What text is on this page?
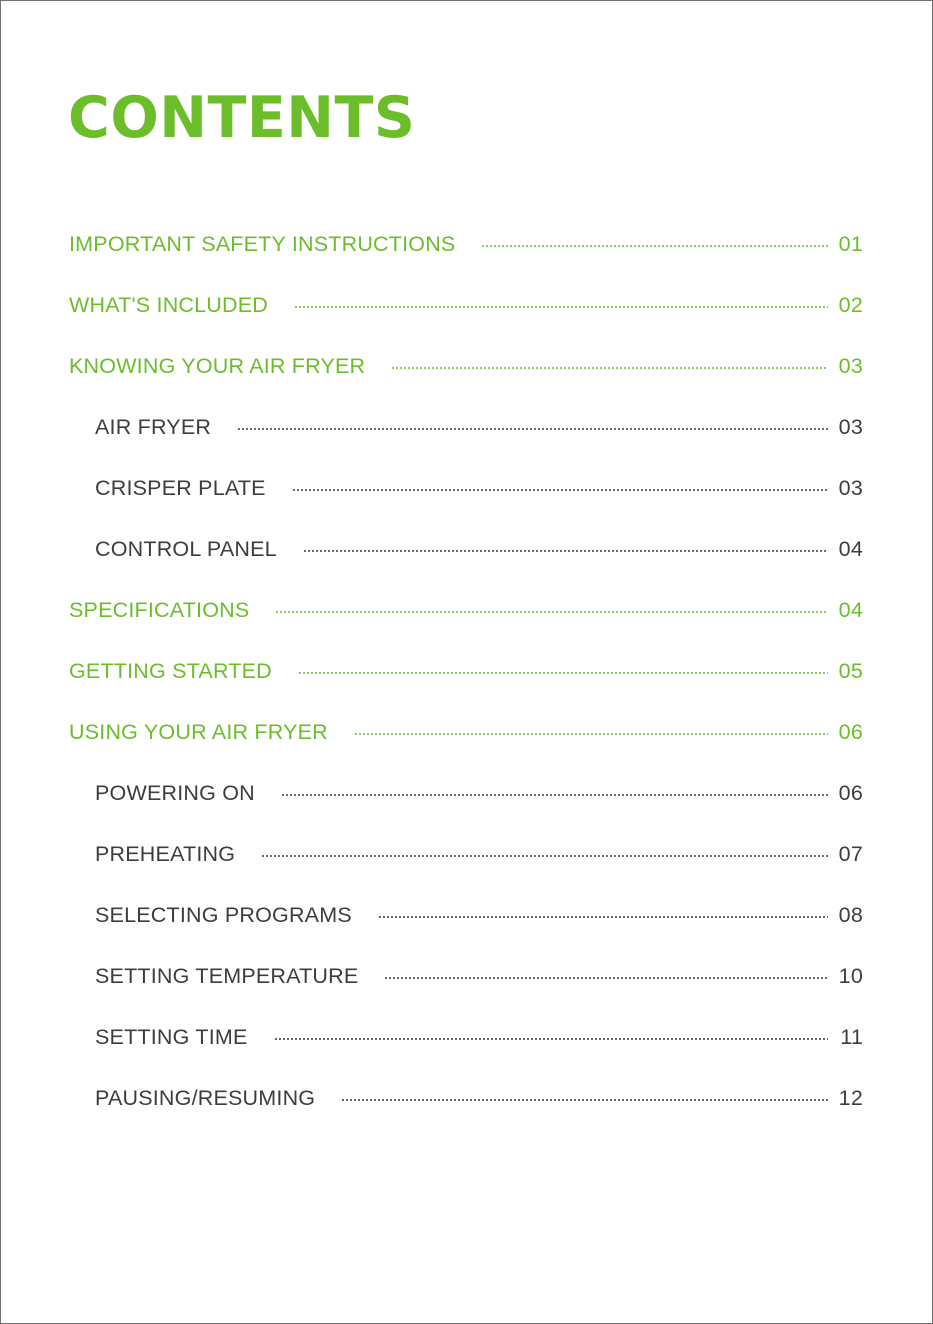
CONTENTS
IMPORTANT SAFETY INSTRUCTIONS	01
WHAT'S INCLUDED	02
KNOWING YOUR AIR FRYER	03
AIR FRYER	03
CRISPER PLATE	03
CONTROL PANEL	04
SPECIFICATIONS	04
GETTING STARTED	05
USING YOUR AIR FRYER	06
POWERING ON	06
PREHEATING	07
SELECTING PROGRAMS	08
SETTING TEMPERATURE	10
SETTING TIME	11
PAUSING/RESUMING	12
